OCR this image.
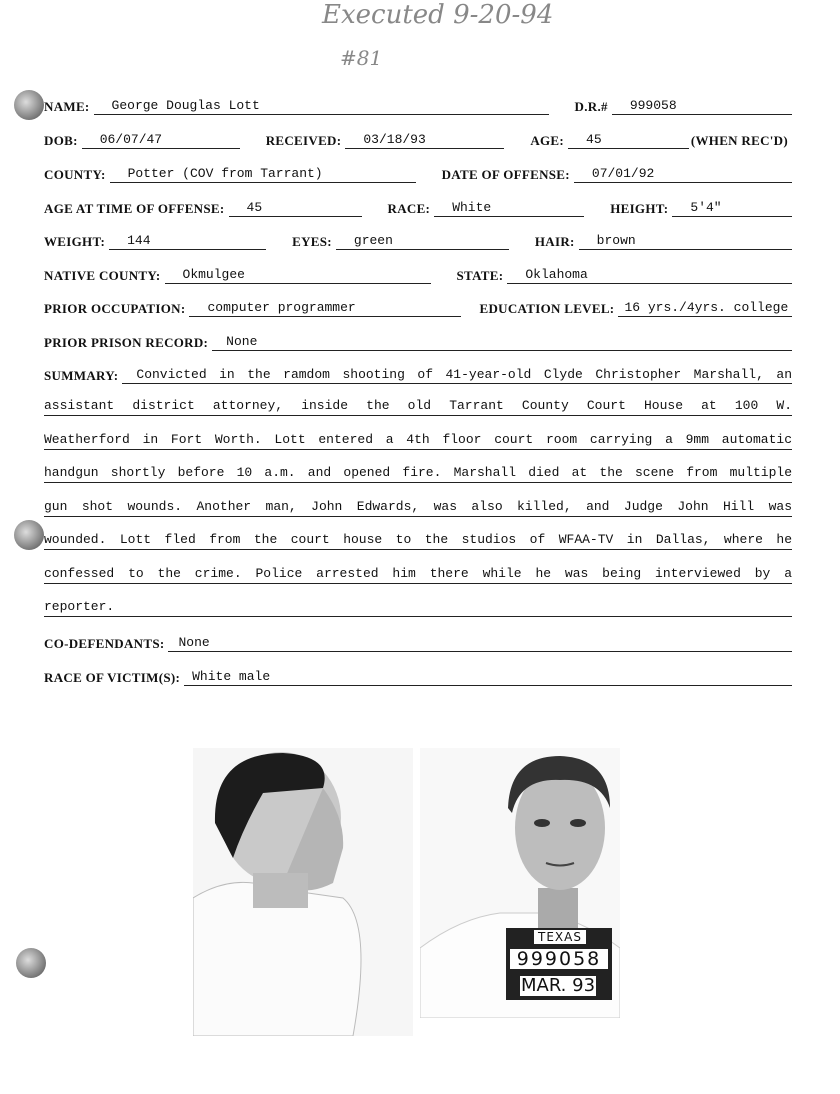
Executed 9-20-94
#81
NAME:	George Douglas Lott	D.R.#	999058
DOB:	06/07/47	RECEIVED:	03/18/93	AGE:	45	(WHEN REC'D)
COUNTY:	Potter (COV from Tarrant)	DATE OF OFFENSE:	07/01/92
AGE AT TIME OF OFFENSE:	45	RACE:	White	HEIGHT:	5'4"
WEIGHT:	144	EYES:	green	HAIR:	brown
NATIVE COUNTY:	Okmulgee	STATE:	Oklahoma
PRIOR OCCUPATION:	computer programmer	EDUCATION LEVEL: 16 yrs./4yrs. college
PRIOR PRISON RECORD:	None
SUMMARY:	Convicted in the ramdom shooting of 41-year-old Clyde Christopher Marshall, an
assistant district attorney, inside the old Tarrant County Court House at 100 W.
Weatherford in Fort Worth. Lott entered a 4th floor court room carrying a 9mm automatic
handgun shortly before 10 a.m. and opened fire. Marshall died at the scene from multiple
gun shot wounds. Another man, John Edwards, was also killed, and Judge John Hill was
wounded. Lott fled from the court house to the studios of WFAA-TV in Dallas, where he
confessed to the crime. Police arrested him there while he was being interviewed by a
reporter.
CO-DEFENDANTS:	None
RACE OF VICTIM(S): White male
TEXAS
999058
MAR. 93
